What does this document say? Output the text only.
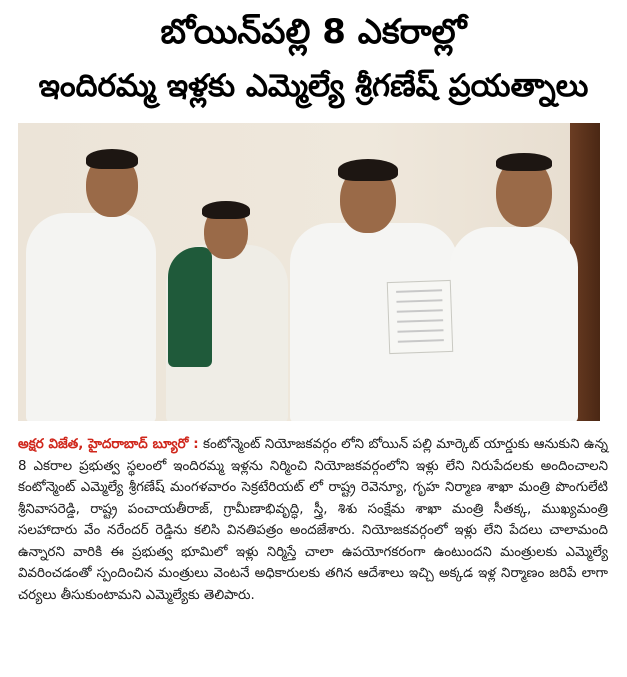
బోయిన్‌పల్లి 8 ఎకరాల్లో
ఇందిరమ్మ ఇళ్లకు ఎమ్మెల్యే శ్రీగణేష్ ప్రయత్నాలు

అక్షర విజేత, హైదరాబాద్ బ్యూరో : కంటోన్మెంట్ నియోజకవర్గం లోని బోయిన్ పల్లి మార్కెట్ యార్డుకు ఆనుకుని ఉన్న 8 ఎకరాల ప్రభుత్వ స్థలంలో ఇందిరమ్మ ఇళ్లను నిర్మించి నియోజకవర్గంలోని ఇళ్లు లేని నిరుపేదలకు అందించాలని కంటోన్మెంట్ ఎమ్మెల్యే శ్రీగణేష్ మంగళవారం సెక్రటేరియట్ లో రాష్ట్ర రెవెన్యూ, గృహ నిర్మాణ శాఖా మంత్రి పొంగులేటి శ్రీనివాసరెడ్డి, రాష్ట్ర పంచాయతీరాజ్, గ్రామీణాభివృద్ధి, స్త్రీ, శిశు సంక్షేమ శాఖా మంత్రి సీతక్క, ముఖ్యమంత్రి సలహాదారు వేం నరేందర్ రెడ్డిను కలిసి వినతిపత్రం అందజేశారు. నియోజకవర్గంలో ఇళ్లు లేని పేదలు చాలామంది ఉన్నారని వారికి ఈ ప్రభుత్వ భూమిలో ఇళ్లు నిర్మిస్తే చాలా ఉపయోగకరంగా ఉంటుందని మంత్రులకు ఎమ్మెల్యే వివరించడంతో స్పందించిన మంత్రులు వెంటనే అధికారులకు తగిన ఆదేశాలు ఇచ్చి అక్కడ ఇళ్ల నిర్మాణం జరిపే లాగా చర్యలు తీసుకుంటామని ఎమ్మెల్యేకు తెలిపారు.
